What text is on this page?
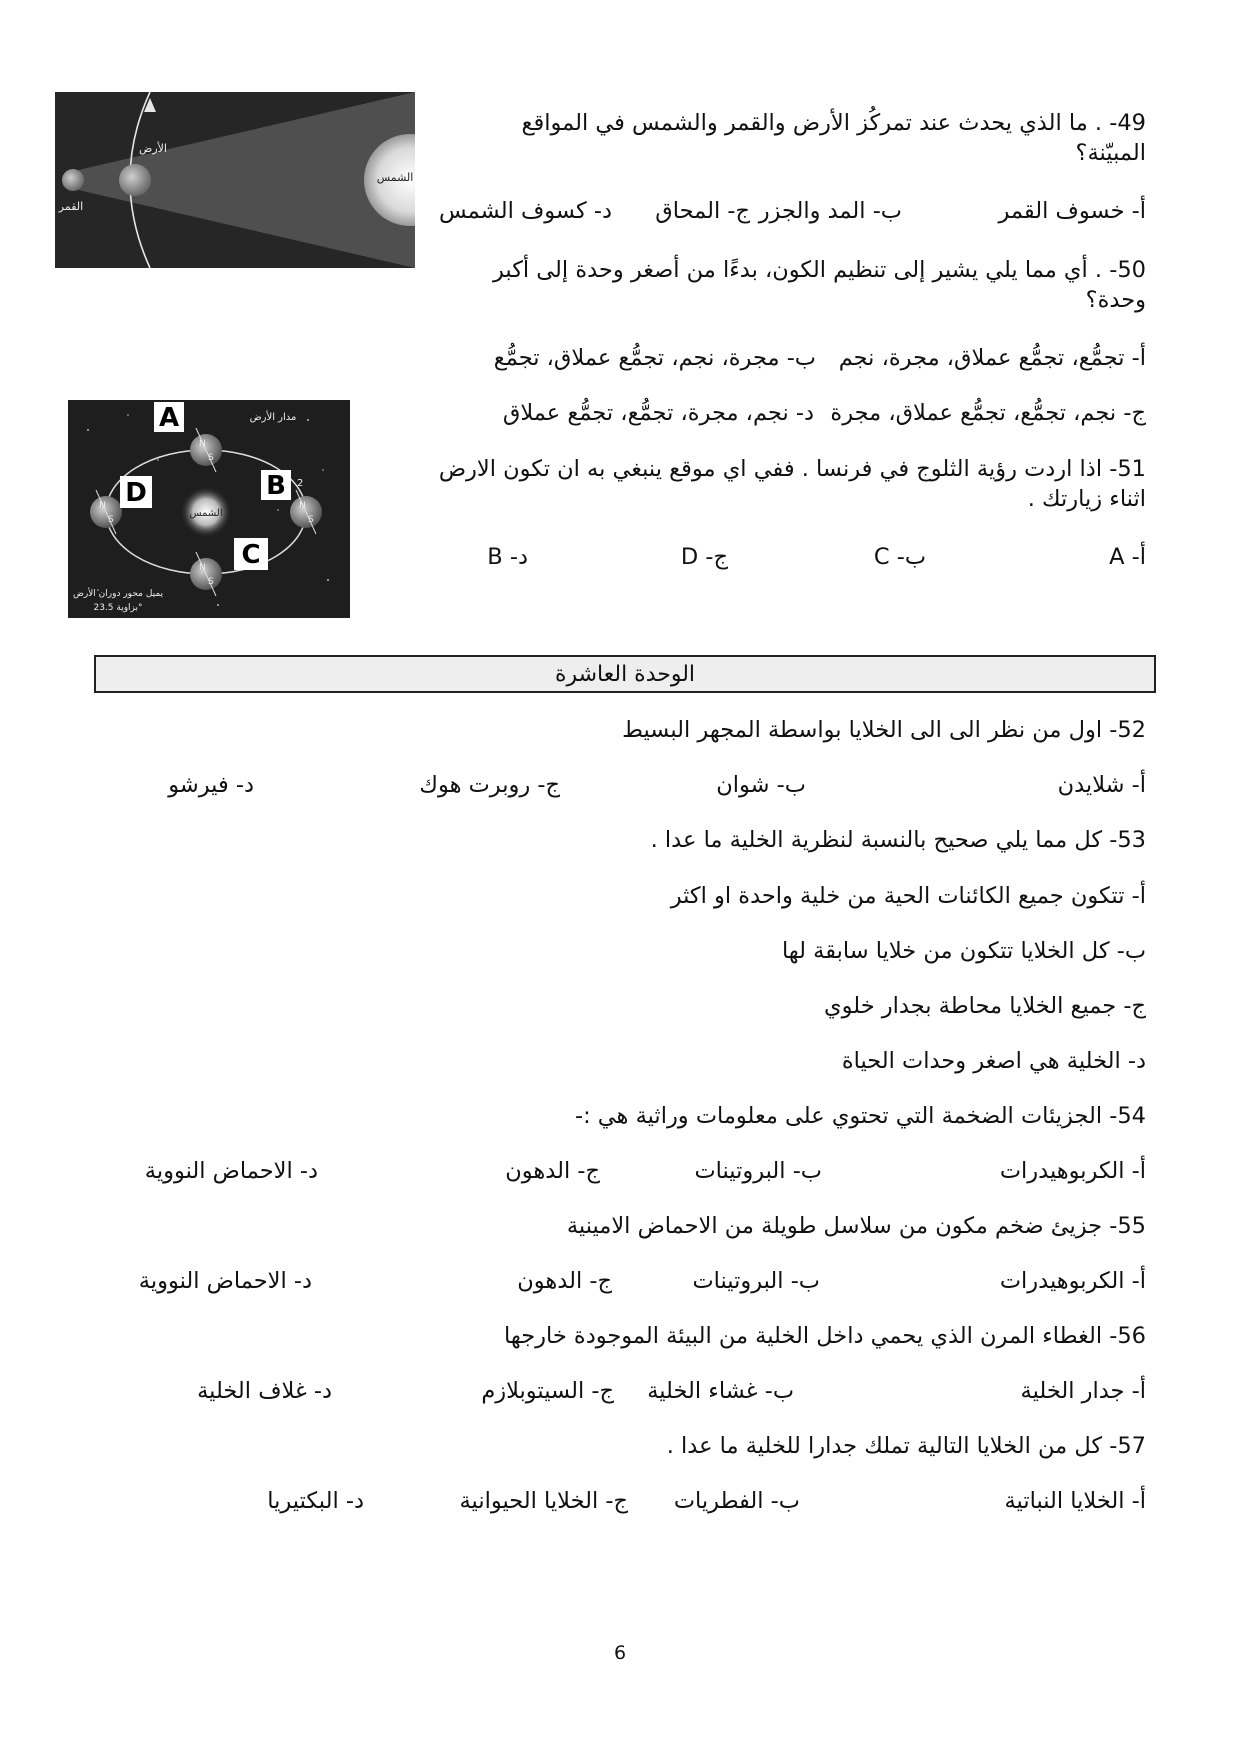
الأرض
القمر
الشمس
الشمس
N
S
N
S
N
S
N
S
A
B 2
C
D
مدار الأرض
يميل محور دوران الأرض
بزاوية 23.5°
49- . ما الذي يحدث عند تمركُز الأرض والقمر والشمس في المواقع المبيّنة؟
أ- خسوف القمر
ب- المد والجزر
ج- المحاق
د- كسوف الشمس
50- . أي مما يلي يشير إلى تنظيم الكون، بدءًا من أصغر وحدة إلى أكبر وحدة؟
أ- تجمُّع، تجمُّع عملاق، مجرة، نجم
ب- مجرة، نجم، تجمُّع عملاق، تجمُّع
ج- نجم، تجمُّع، تجمُّع عملاق، مجرة
د- نجم، مجرة، تجمُّع، تجمُّع عملاق
51- اذا اردت رؤية الثلوج في فرنسا . ففي اي موقع ينبغي به ان تكون الارض اثناء زيارتك .
أ- A
ب- C
ج- D
د- B
الوحدة العاشرة
52- اول من نظر الى الى الخلايا بواسطة المجهر البسيط
أ- شلايدن
ب- شوان
ج- روبرت هوك
د- فيرشو
53- كل مما يلي صحيح بالنسبة لنظرية الخلية ما عدا .
أ- تتكون جميع الكائنات الحية من خلية واحدة او اكثر
ب- كل الخلايا تتكون من خلايا سابقة لها
ج- جميع الخلايا محاطة بجدار خلوي
د- الخلية هي اصغر وحدات الحياة
54- الجزيئات الضخمة التي تحتوي على معلومات وراثية هي :-
أ- الكربوهيدرات
ب- البروتينات
ج- الدهون
د- الاحماض النووية
55- جزيئ ضخم مكون من سلاسل طويلة من الاحماض الامينية
أ- الكربوهيدرات
ب- البروتينات
ج- الدهون
د- الاحماض النووية
56- الغطاء المرن الذي يحمي داخل الخلية من البيئة الموجودة خارجها
أ- جدار الخلية
ب- غشاء الخلية
ج- السيتوبلازم
د- غلاف الخلية
57- كل من الخلايا التالية تملك جدارا للخلية ما عدا .
أ- الخلايا النباتية
ب- الفطريات
ج- الخلايا الحيوانية
د- البكتيريا
6
